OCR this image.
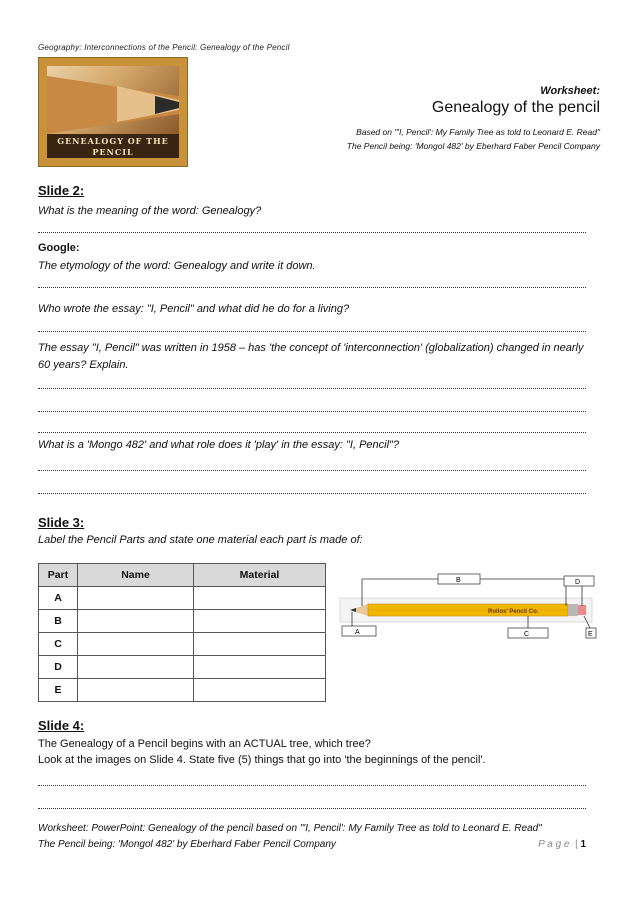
Geography: Interconnections of the Pencil: Genealogy of the Pencil
GENEALOGY OF THE PENCIL

Worksheet:
Genealogy of the pencil
Based on "'I, Pencil': My Family Tree as told to Leonard E. Read"
The Pencil being: 'Mongol 482' by Eberhard Faber Pencil Company
Slide 2:
What is the meaning of the word: Genealogy?
Google:
The etymology of the word: Genealogy and write it down.
Who wrote the essay: "I, Pencil" and what did he do for a living?
The essay "I, Pencil" was written in 1958 – has 'the concept of 'interconnection' (globalization) changed in nearly 60 years? Explain.
What is a 'Mongo 482' and what role does it 'play' in the essay: "I, Pencil"?
Slide 3:
Label the Pencil Parts and state one material each part is made of:
Part	Name	Material
A		
B		
C		
D		
E		
Rollos' Pencil Co.
B	D
A	C	E
Slide 4:
The Genealogy of a Pencil begins with an ACTUAL tree, which tree?
Look at the images on Slide 4. State five (5) things that go into 'the beginnings of the pencil'.
Worksheet: PowerPoint: Genealogy of the pencil based on "'I, Pencil': My Family Tree as told to Leonard E. Read"
The Pencil being: 'Mongol 482' by Eberhard Faber Pencil Company	P a g e  | 1
